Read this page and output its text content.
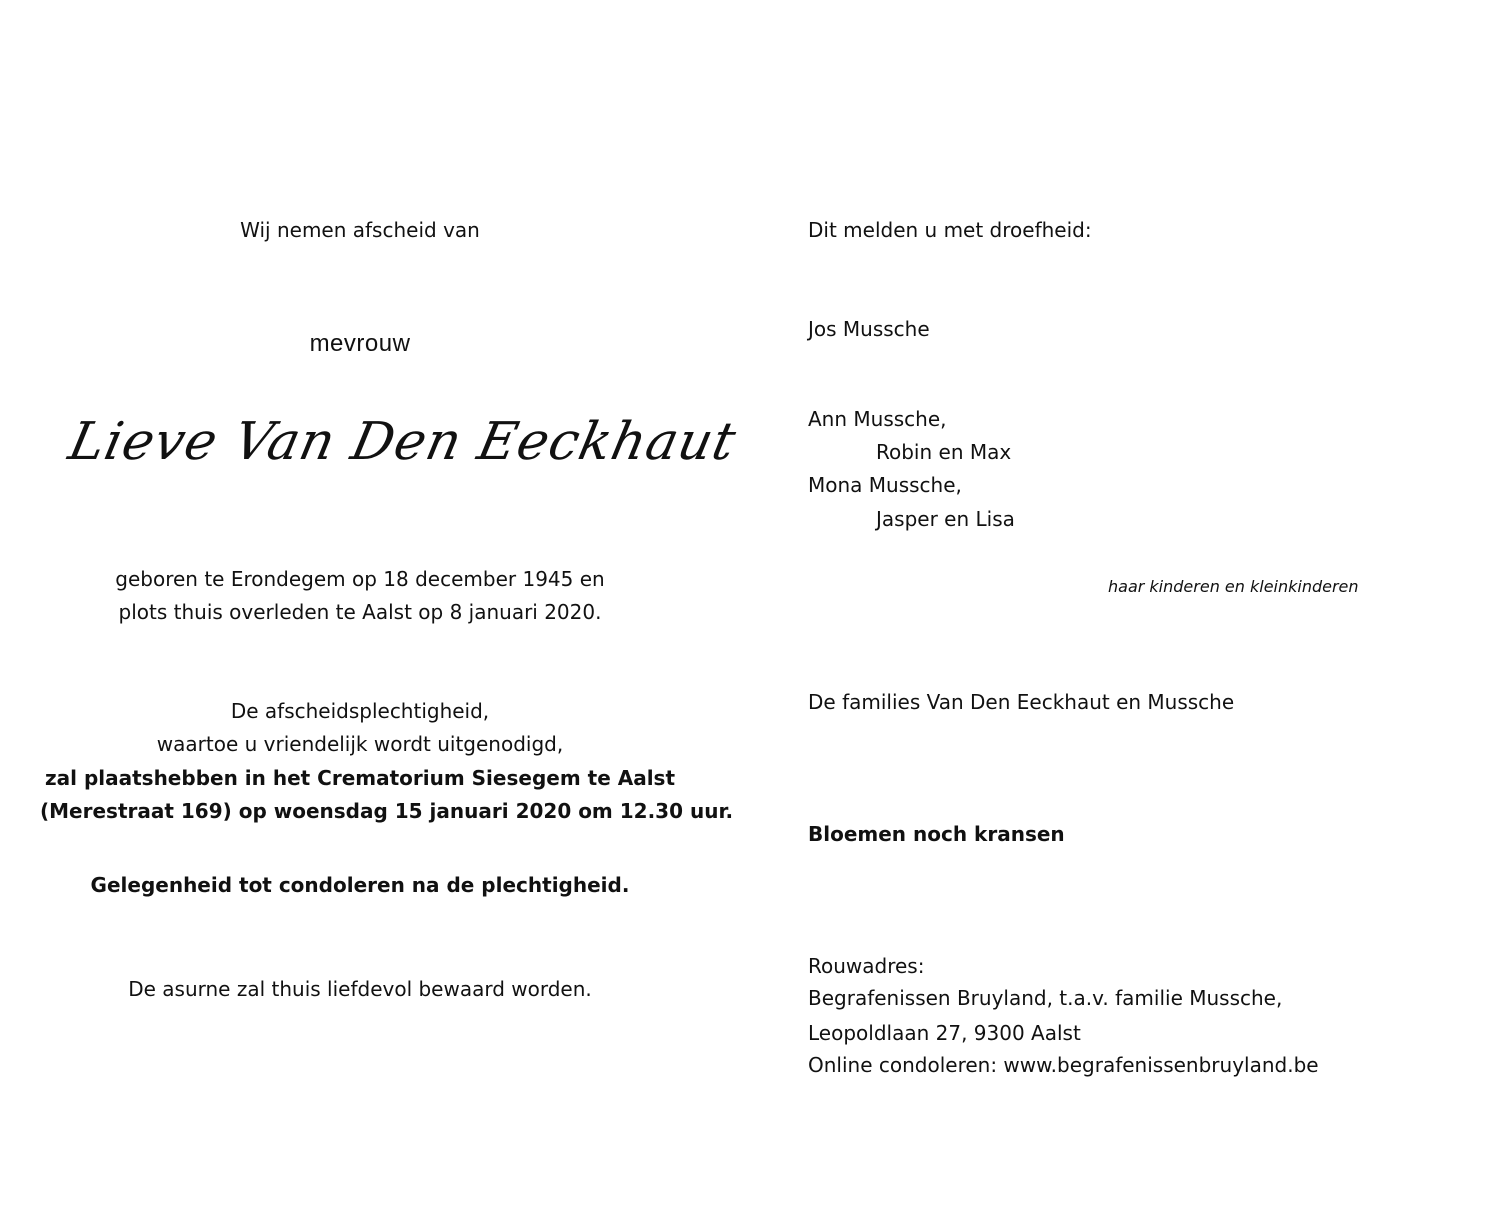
Wij nemen afscheid van
mevrouw
Lieve Van Den Eeckhaut
geboren te Erondegem op 18 december 1945 en
plots thuis overleden te Aalst op 8 januari 2020.
De afscheidsplechtigheid,
waartoe u vriendelijk wordt uitgenodigd,
zal plaatshebben in het Crematorium Siesegem te Aalst
(Merestraat 169) op woensdag 15 januari 2020 om 12.30 uur.
Gelegenheid tot condoleren na de plechtigheid.
De asurne zal thuis liefdevol bewaard worden.
Dit melden u met droefheid:
Jos Mussche
Ann Mussche,
Robin en Max
Mona Mussche,
Jasper en Lisa
haar kinderen en kleinkinderen
De families Van Den Eeckhaut en Mussche
Bloemen noch kransen
Rouwadres:
Begrafenissen Bruyland, t.a.v. familie Mussche,
Leopoldlaan 27, 9300 Aalst
Online condoleren: www.begrafenissenbruyland.be
